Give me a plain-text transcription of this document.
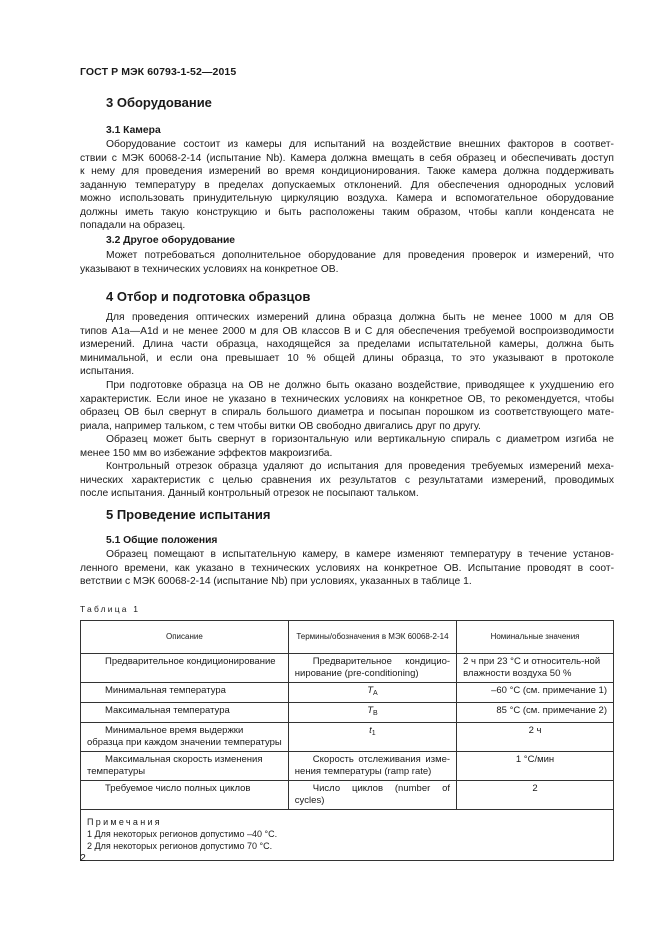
ГОСТ Р МЭК 60793-1-52—2015
3 Оборудование
3.1 Камера
Оборудование состоит из камеры для испытаний на воздействие внешних факторов в соответ-
ствии с МЭК 60068-2-14 (испытание Nb). Камера должна вмещать в себя образец и обеспечивать доступ
к нему для проведения измерений во время кондиционирования. Также камера должна поддерживать
заданную температуру в пределах допускаемых отклонений. Для обеспечения однородных условий
можно использовать принудительную циркуляцию воздуха. Камера и вспомогательное оборудование
должны иметь такую конструкцию и быть расположены таким образом, чтобы капли конденсата не
попадали на образец.
3.2 Другое оборудование
Может потребоваться дополнительное оборудование для проведения проверок и измерений, что
указывают в технических условиях на конкретное ОВ.
4 Отбор и подготовка образцов
Для проведения оптических измерений длина образца должна быть не менее 1000 м для ОВ
типов А1а—А1d и не менее 2000 м для ОВ классов В и С для обеспечения требуемой воспроизводимости
измерений. Длина части образца, находящейся за пределами испытательной камеры, должна быть
минимальной, и если она превышает 10 % общей длины образца, то это указывают в протоколе
испытания.
При подготовке образца на ОВ не должно быть оказано воздействие, приводящее к ухудшению его
характеристик. Если иное не указано в технических условиях на конкретное ОВ, то рекомендуется, чтобы
образец ОВ был свернут в спираль большого диаметра и посыпан порошком из соответствующего мате-
риала, например тальком, с тем чтобы витки ОВ свободно двигались друг по другу.
Образец может быть свернут в горизонтальную или вертикальную спираль с диаметром изгиба не
менее 150 мм во избежание эффектов макроизгиба.
Контрольный отрезок образца удаляют до испытания для проведения требуемых измерений меха-
нических характеристик с целью сравнения их результатов с результатами измерений, проводимых
после испытания. Данный контрольный отрезок не посыпают тальком.
5 Проведение испытания
5.1 Общие положения
Образец помещают в испытательную камеру, в камере изменяют температуру в течение установ-
ленного времени, как указано в технических условиях на конкретное ОВ. Испытание проводят в соот-
ветствии с МЭК 60068-2-14 (испытание Nb) при условиях, указанных в таблице 1.
Таблица 1
Описание	Термины/обозначения в МЭК 60068-2-14	Номинальные значения
Предварительное кондиционирование	Предварительное кондицио-нирование (pre-conditioning)	2 ч при 23 °С и относитель-ной влажности воздуха 50 %
Минимальная температура	$T_A$	–60 °С (см. примечание 1)
Максимальная температура	$T_B$	85 °С (см. примечание 2)
Минимальное время выдержки образца при каждом значении температуры	$t_1$	2 ч
Максимальная скорость изменения температуры	Скорость отслеживания изме-нения температуры (ramp rate)	1 °С/мин
Требуемое число полных циклов	Число циклов (number of cycles)	2

Примечания
1 Для некоторых регионов допустимо –40 °С.
2 Для некоторых регионов допустимо 70 °С.		
2
